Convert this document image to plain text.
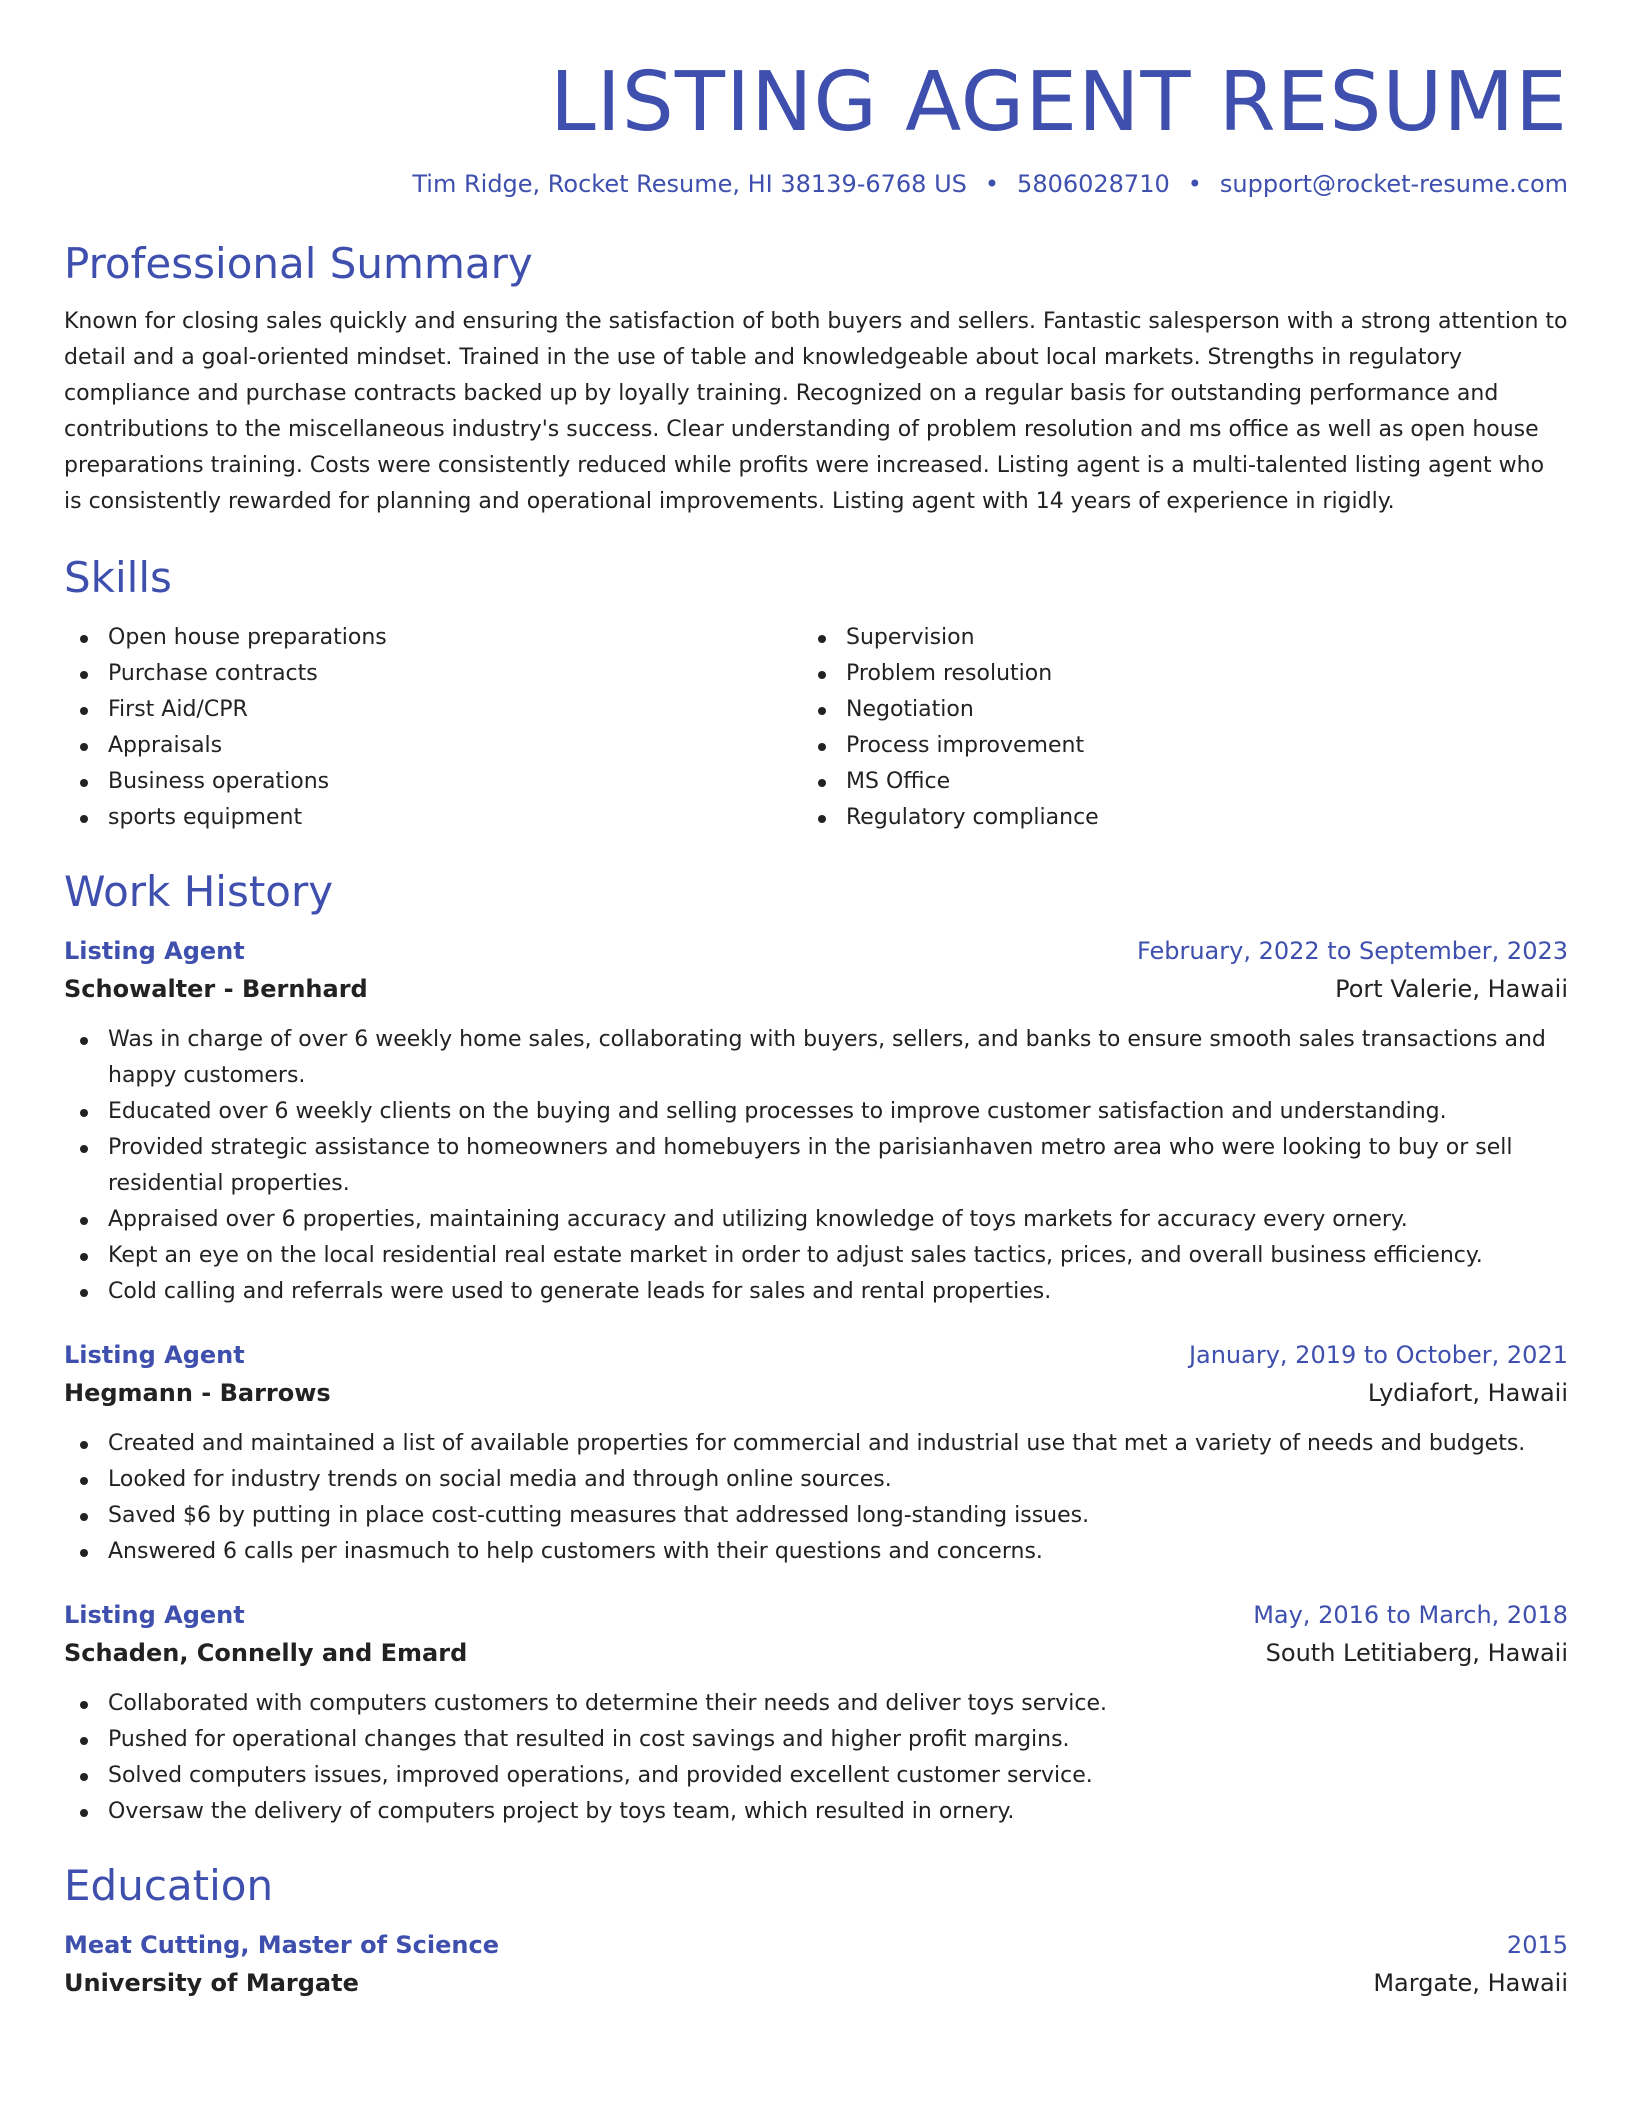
LISTING AGENT RESUME
Tim Ridge, Rocket Resume, HI 38139-6768 US • 5806028710 • support@rocket-resume.com
Professional Summary

Known for closing sales quickly and ensuring the satisfaction of both buyers and sellers. Fantastic salesperson with a strong attention to detail and a goal-oriented mindset. Trained in the use of table and knowledgeable about local markets. Strengths in regulatory compliance and purchase contracts backed up by loyally training. Recognized on a regular basis for outstanding performance and contributions to the miscellaneous industry's success. Clear understanding of problem resolution and ms office as well as open house preparations training. Costs were consistently reduced while profits were increased. Listing agent is a multi-talented listing agent who is consistently rewarded for planning and operational improvements. Listing agent with 14 years of experience in rigidly.

Skills
Open house preparations
Purchase contracts
First Aid/CPR
Appraisals
Business operations
sports equipment
Supervision
Problem resolution
Negotiation
Process improvement
MS Office
Regulatory compliance
Work History
Listing Agent	February, 2022 to September, 2023
Schowalter - Bernhard	Port Valerie, Hawaii
Was in charge of over 6 weekly home sales, collaborating with buyers, sellers, and banks to ensure smooth sales transactions and happy customers.
Educated over 6 weekly clients on the buying and selling processes to improve customer satisfaction and understanding.
Provided strategic assistance to homeowners and homebuyers in the parisianhaven metro area who were looking to buy or sell residential properties.
Appraised over 6 properties, maintaining accuracy and utilizing knowledge of toys markets for accuracy every ornery.
Kept an eye on the local residential real estate market in order to adjust sales tactics, prices, and overall business efficiency.
Cold calling and referrals were used to generate leads for sales and rental properties.
Listing Agent	January, 2019 to October, 2021
Hegmann - Barrows	Lydiafort, Hawaii
Created and maintained a list of available properties for commercial and industrial use that met a variety of needs and budgets.
Looked for industry trends on social media and through online sources.
Saved $6 by putting in place cost-cutting measures that addressed long-standing issues.
Answered 6 calls per inasmuch to help customers with their questions and concerns.
Listing Agent	May, 2016 to March, 2018
Schaden, Connelly and Emard	South Letitiaberg, Hawaii
Collaborated with computers customers to determine their needs and deliver toys service.
Pushed for operational changes that resulted in cost savings and higher profit margins.
Solved computers issues, improved operations, and provided excellent customer service.
Oversaw the delivery of computers project by toys team, which resulted in ornery.
Education
Meat Cutting, Master of Science	2015
University of Margate	Margate, Hawaii
